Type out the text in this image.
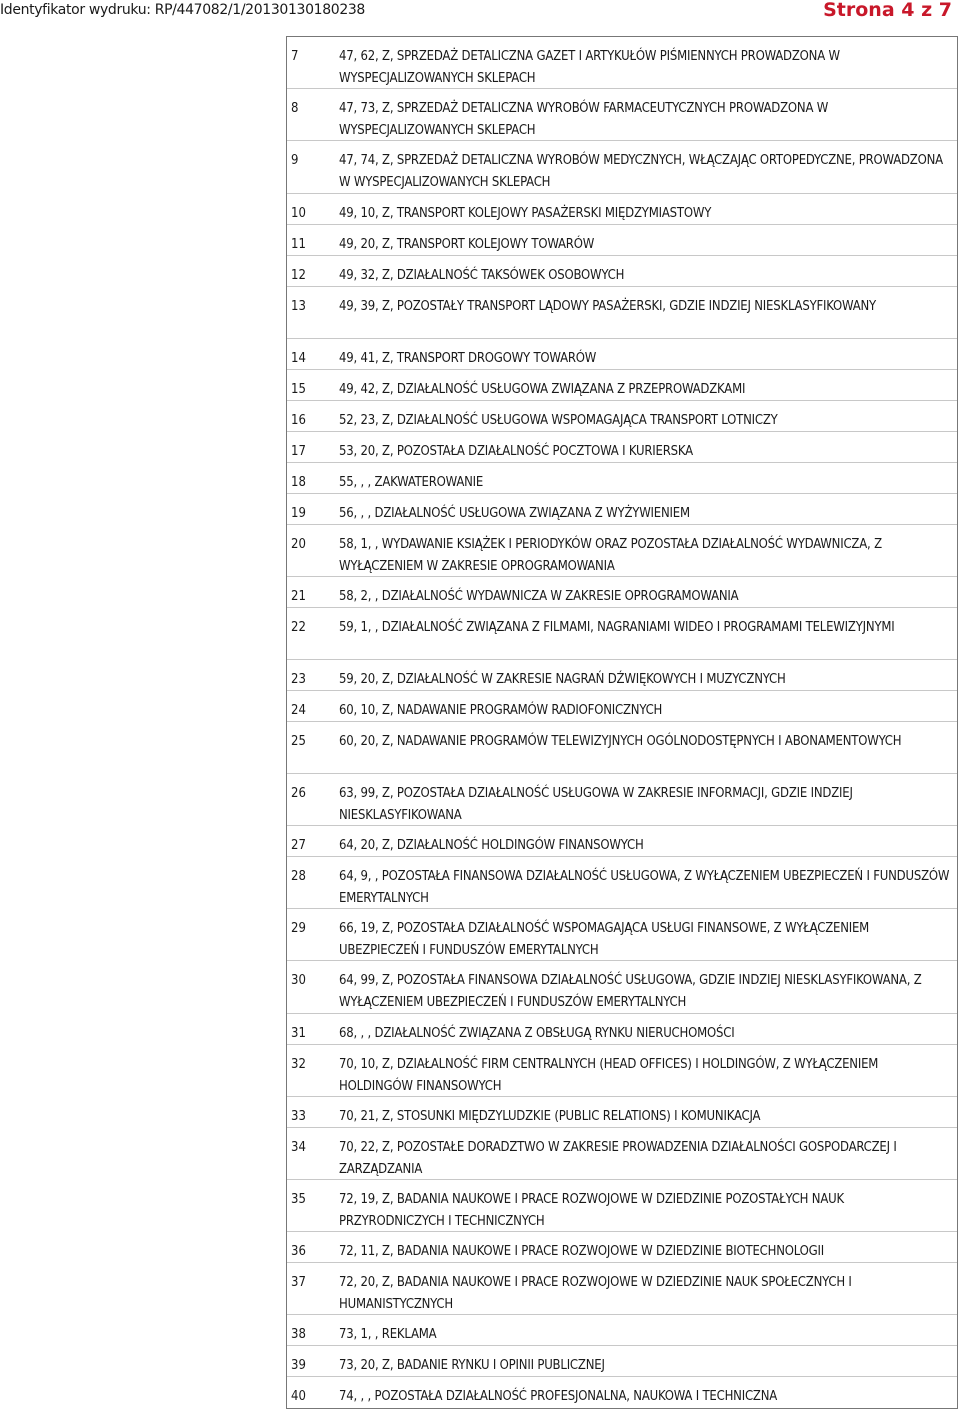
Identyfikator wydruku: RP/447082/1/20130130180238	Strona 4 z 7
7	47, 62, Z, SPRZEDAŻ DETALICZNA GAZET I ARTYKUŁÓW PIŚMIENNYCH PROWADZONA W WYSPECJALIZOWANYCH SKLEPACH
8	47, 73, Z, SPRZEDAŻ DETALICZNA WYROBÓW FARMACEUTYCZNYCH PROWADZONA W WYSPECJALIZOWANYCH SKLEPACH
9	47, 74, Z, SPRZEDAŻ DETALICZNA WYROBÓW MEDYCZNYCH, WŁĄCZAJĄC ORTOPEDYCZNE, PROWADZONA W WYSPECJALIZOWANYCH SKLEPACH
10	49, 10, Z, TRANSPORT KOLEJOWY PASAŻERSKI MIĘDZYMIASTOWY
11	49, 20, Z, TRANSPORT KOLEJOWY TOWARÓW
12	49, 32, Z, DZIAŁALNOŚĆ TAKSÓWEK OSOBOWYCH
13	49, 39, Z, POZOSTAŁY TRANSPORT LĄDOWY PASAŻERSKI, GDZIE INDZIEJ NIESKLASYFIKOWANY
14	49, 41, Z, TRANSPORT DROGOWY TOWARÓW
15	49, 42, Z, DZIAŁALNOŚĆ USŁUGOWA ZWIĄZANA Z PRZEPROWADZKAMI
16	52, 23, Z, DZIAŁALNOŚĆ USŁUGOWA WSPOMAGAJĄCA TRANSPORT LOTNICZY
17	53, 20, Z, POZOSTAŁA DZIAŁALNOŚĆ POCZTOWA I KURIERSKA
18	55, , , ZAKWATEROWANIE
19	56, , , DZIAŁALNOŚĆ USŁUGOWA ZWIĄZANA Z WYŻYWIENIEM
20	58, 1, , WYDAWANIE KSIĄŻEK I PERIODYKÓW ORAZ POZOSTAŁA DZIAŁALNOŚĆ WYDAWNICZA, Z WYŁĄCZENIEM W ZAKRESIE OPROGRAMOWANIA
21	58, 2, , DZIAŁALNOŚĆ WYDAWNICZA W ZAKRESIE OPROGRAMOWANIA
22	59, 1, , DZIAŁALNOŚĆ ZWIĄZANA Z FILMAMI, NAGRANIAMI WIDEO I PROGRAMAMI TELEWIZYJNYMI
23	59, 20, Z, DZIAŁALNOŚĆ W ZAKRESIE NAGRAŃ DŹWIĘKOWYCH I MUZYCZNYCH
24	60, 10, Z, NADAWANIE PROGRAMÓW RADIOFONICZNYCH
25	60, 20, Z, NADAWANIE PROGRAMÓW TELEWIZYJNYCH OGÓLNODOSTĘPNYCH I ABONAMENTOWYCH
26	63, 99, Z, POZOSTAŁA DZIAŁALNOŚĆ USŁUGOWA W ZAKRESIE INFORMACJI, GDZIE INDZIEJ NIESKLASYFIKOWANA
27	64, 20, Z, DZIAŁALNOŚĆ HOLDINGÓW FINANSOWYCH
28	64, 9, , POZOSTAŁA FINANSOWA DZIAŁALNOŚĆ USŁUGOWA, Z WYŁĄCZENIEM UBEZPIECZEŃ I FUNDUSZÓW EMERYTALNYCH
29	66, 19, Z, POZOSTAŁA DZIAŁALNOŚĆ WSPOMAGAJĄCA USŁUGI FINANSOWE, Z WYŁĄCZENIEM UBEZPIECZEŃ I FUNDUSZÓW EMERYTALNYCH
30	64, 99, Z, POZOSTAŁA FINANSOWA DZIAŁALNOŚĆ USŁUGOWA, GDZIE INDZIEJ NIESKLASYFIKOWANA, Z WYŁĄCZENIEM UBEZPIECZEŃ I FUNDUSZÓW EMERYTALNYCH
31	68, , , DZIAŁALNOŚĆ ZWIĄZANA Z OBSŁUGĄ RYNKU NIERUCHOMOŚCI
32	70, 10, Z, DZIAŁALNOŚĆ FIRM CENTRALNYCH (HEAD OFFICES) I HOLDINGÓW, Z WYŁĄCZENIEM HOLDINGÓW FINANSOWYCH
33	70, 21, Z, STOSUNKI MIĘDZYLUDZKIE (PUBLIC RELATIONS) I KOMUNIKACJA
34	70, 22, Z, POZOSTAŁE DORADZTWO W ZAKRESIE PROWADZENIA DZIAŁALNOŚCI GOSPODARCZEJ I ZARZĄDZANIA
35	72, 19, Z, BADANIA NAUKOWE I PRACE ROZWOJOWE W DZIEDZINIE POZOSTAŁYCH NAUK PRZYRODNICZYCH I TECHNICZNYCH
36	72, 11, Z, BADANIA NAUKOWE I PRACE ROZWOJOWE W DZIEDZINIE BIOTECHNOLOGII
37	72, 20, Z, BADANIA NAUKOWE I PRACE ROZWOJOWE W DZIEDZINIE NAUK SPOŁECZNYCH I HUMANISTYCZNYCH
38	73, 1, , REKLAMA
39	73, 20, Z, BADANIE RYNKU I OPINII PUBLICZNEJ
40	74, , , POZOSTAŁA DZIAŁALNOŚĆ PROFESJONALNA, NAUKOWA I TECHNICZNA
